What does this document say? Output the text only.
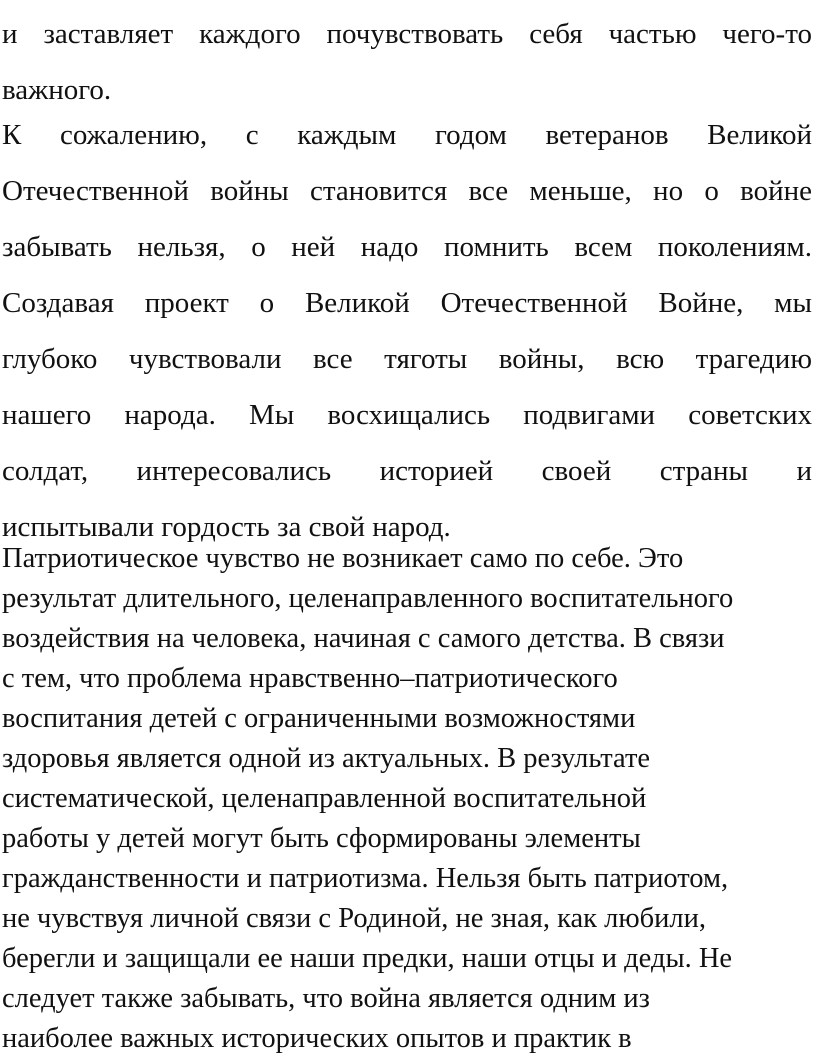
и заставляет каждого почувствовать себя частью чего-то
важного.

К сожалению, с каждым годом ветеранов Великой
Отечественной войны становится все меньше, но о войне
забывать нельзя, о ней надо помнить всем поколениям.
Создавая проект о Великой Отечественной Войне, мы
глубоко чувствовали все тяготы войны, всю трагедию
нашего народа. Мы восхищались подвигами советских
солдат, интересовались историей своей страны и
испытывали гордость за свой народ.

Патриотическое чувство не возникает само по себе. Это
результат длительного, целенаправленного воспитательного
воздействия на человека, начиная с самого детства. В связи
с тем, что проблема нравственно–патриотического
воспитания детей с ограниченными возможностями
здоровья является одной из актуальных. В результате
систематической, целенаправленной воспитательной
работы у детей могут быть сформированы элементы
гражданственности и патриотизма. Нельзя быть патриотом,
не чувствуя личной связи с Родиной, не зная, как любили,
берегли и защищали ее наши предки, наши отцы и деды. Не
следует также забывать, что война является одним из
наиболее важных исторических опытов и практик в
